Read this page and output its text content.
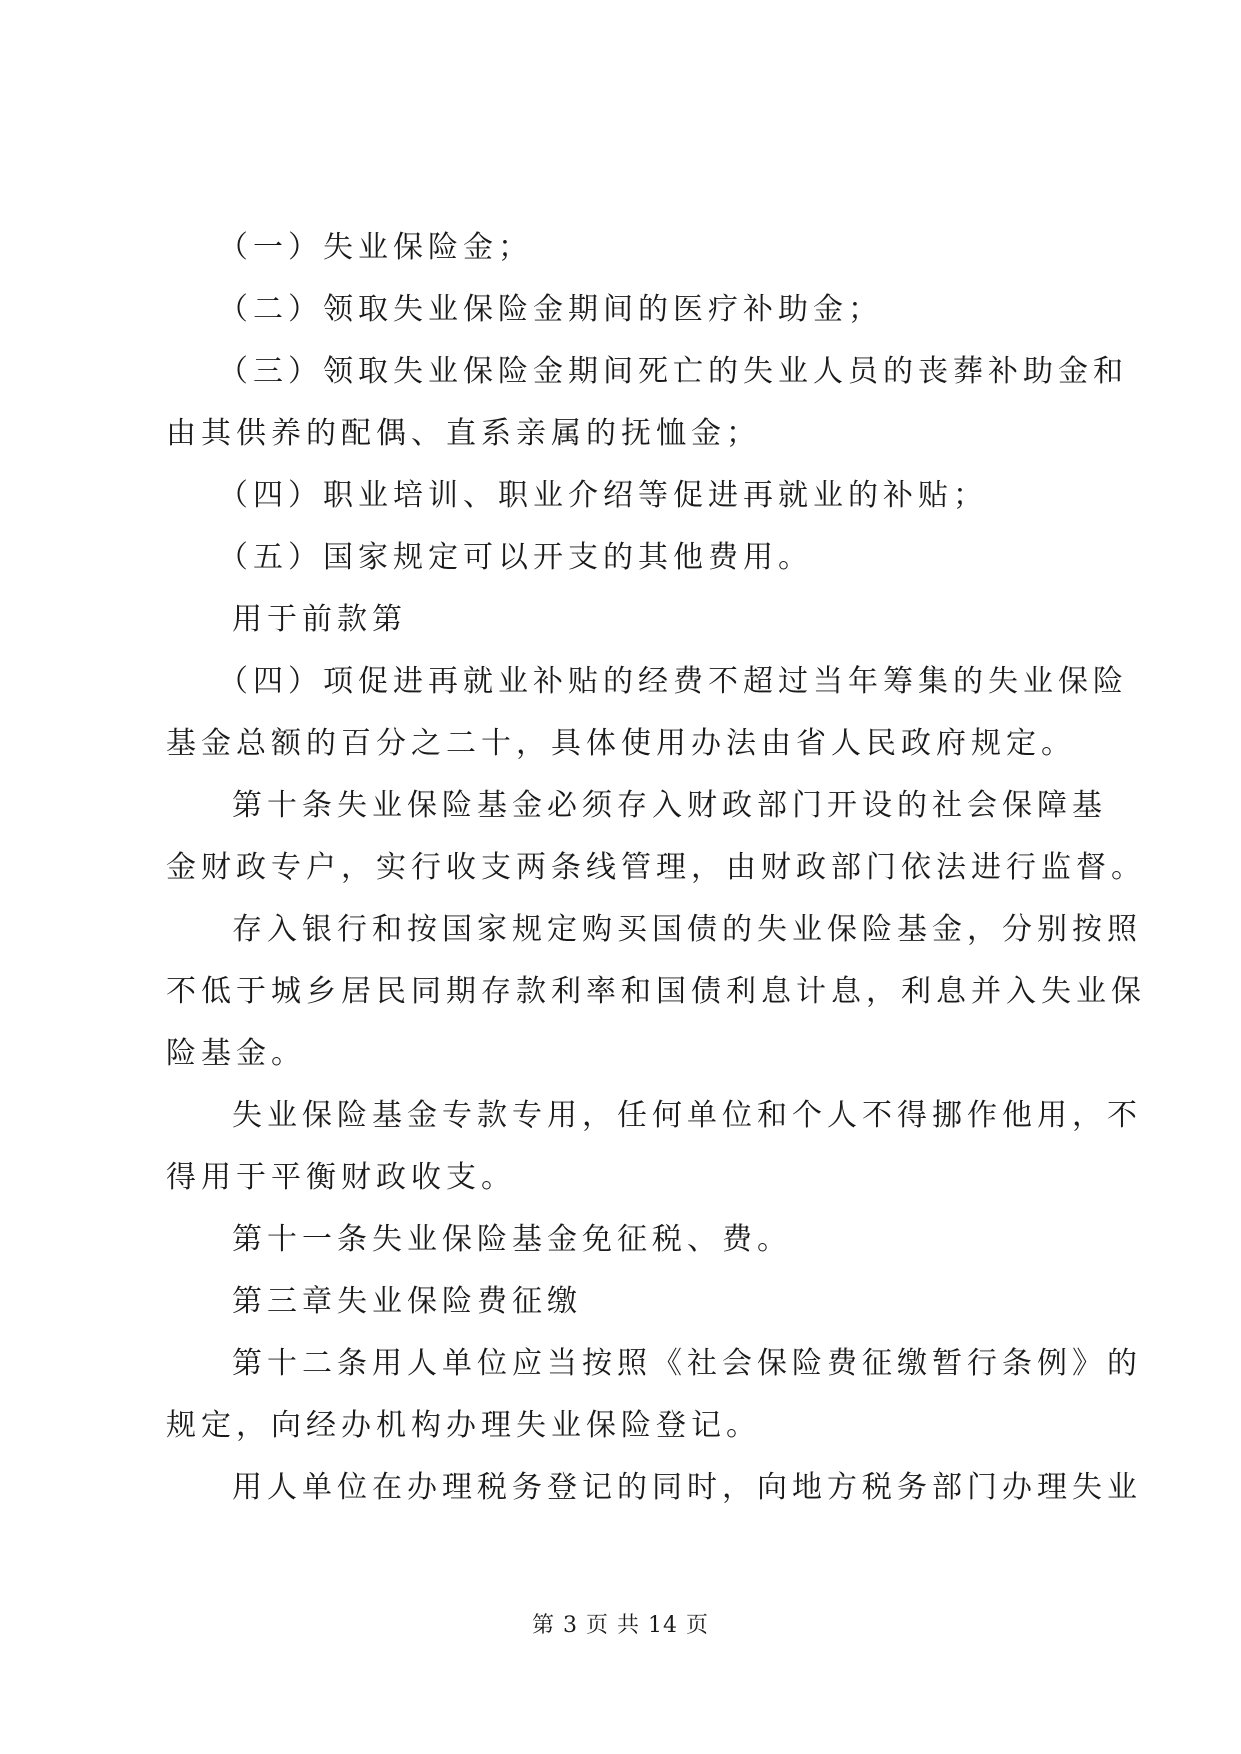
（一）失业保险金；
（二）领取失业保险金期间的医疗补助金；
（三）领取失业保险金期间死亡的失业人员的丧葬补助金和
由其供养的配偶、直系亲属的抚恤金；
（四）职业培训、职业介绍等促进再就业的补贴；
（五）国家规定可以开支的其他费用。
用于前款第
（四）项促进再就业补贴的经费不超过当年筹集的失业保险
基金总额的百分之二十，具体使用办法由省人民政府规定。
第十条失业保险基金必须存入财政部门开设的社会保障基
金财政专户，实行收支两条线管理，由财政部门依法进行监督。
存入银行和按国家规定购买国债的失业保险基金，分别按照
不低于城乡居民同期存款利率和国债利息计息，利息并入失业保
险基金。
失业保险基金专款专用，任何单位和个人不得挪作他用，不
得用于平衡财政收支。
第十一条失业保险基金免征税、费。
第三章失业保险费征缴
第十二条用人单位应当按照《社会保险费征缴暂行条例》的
规定，向经办机构办理失业保险登记。
用人单位在办理税务登记的同时，向地方税务部门办理失业
第 3 页 共 14 页
